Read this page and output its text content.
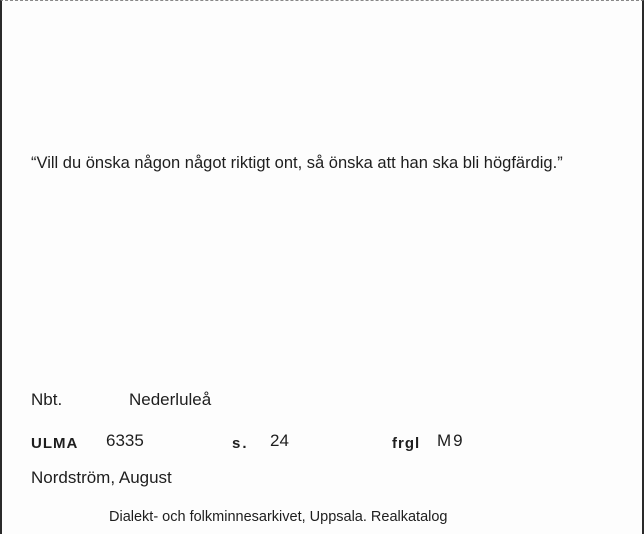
“Vill du önska någon något riktigt ont, så önska att han ska bli högfärdig.”
Nbt.	Nederluleå
ULMA 6335	s. 24	frgl M9
Nordström, August
Dialekt- och folkminnesarkivet, Uppsala. Realkatalog
